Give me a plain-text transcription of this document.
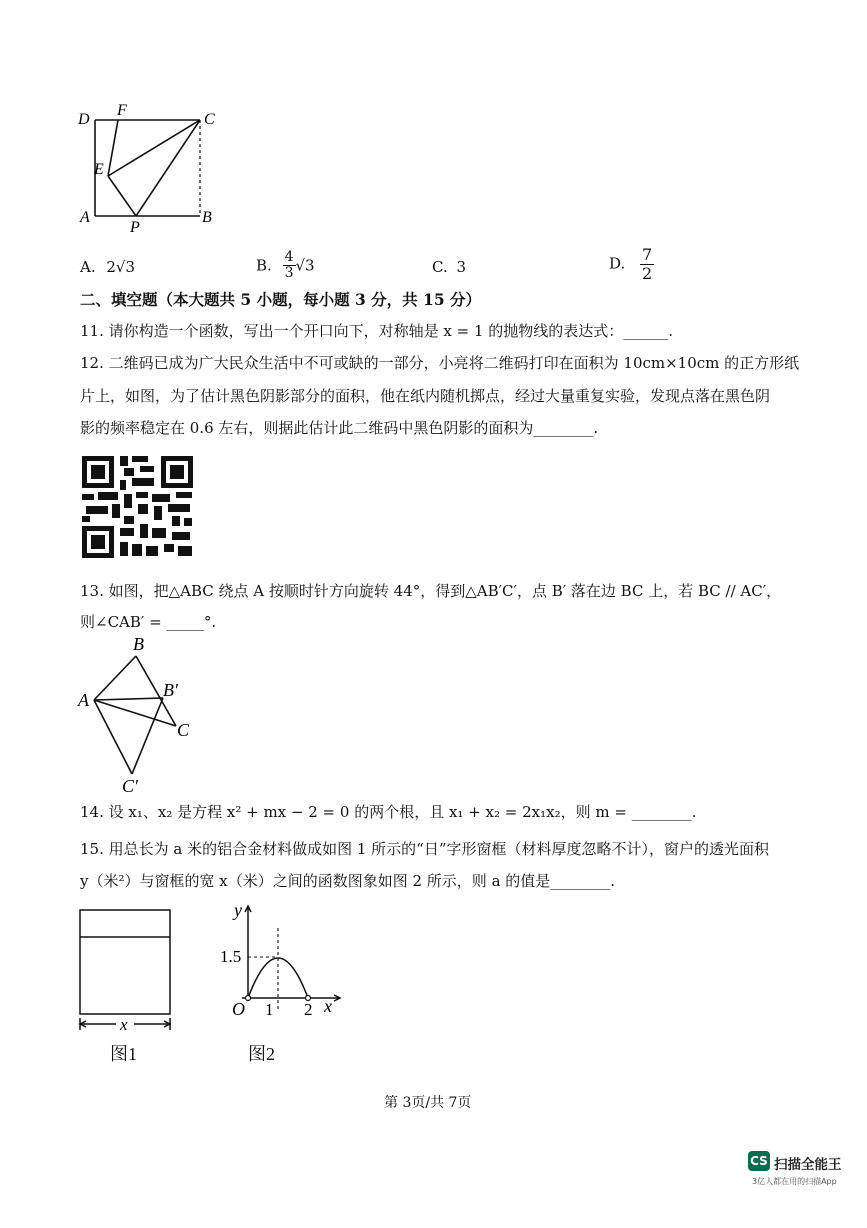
D
F
C
E
A
P
B
A. 2√3	B. $\frac{4}{3} √3$	C. 3	D. $\frac{7}{2}$
二、填空题（本大题共 5 小题，每小题 3 分，共 15 分）
11. 请你构造一个函数，写出一个开口向下，对称轴是 x = 1 的抛物线的表达式：______.
12. 二维码已成为广大民众生活中不可或缺的一部分，小亮将二维码打印在面积为 10cm×10cm 的正方形纸
片上，如图，为了估计黑色阴影部分的面积，他在纸内随机掷点，经过大量重复实验，发现点落在黑色阴
影的频率稳定在 0.6 左右，则据此估计此二维码中黑色阴影的面积为________.
13. 如图，把△ABC 绕点 A 按顺时针方向旋转 44°，得到△AB′C′，点 B′ 落在边 BC 上，若 BC // AC′，
则∠CAB′ = _____°.
B
A	B′
C
C′
14. 设 x₁、x₂ 是方程 x² + mx − 2 = 0 的两个根，且 x₁ + x₂ = 2x₁x₂，则 m = ________.
15. 用总长为 a 米的铝合金材料做成如图 1 所示的“日”字形窗框（材料厚度忽略不计），窗户的透光面积
y（米²）与窗框的宽 x（米）之间的函数图象如图 2 所示，则 a 的值是________.
x
图1
y
x
O
1.5
1 2
图2
第 3页/共 7页
CS 扫描全能王
3亿人都在用的扫描App
